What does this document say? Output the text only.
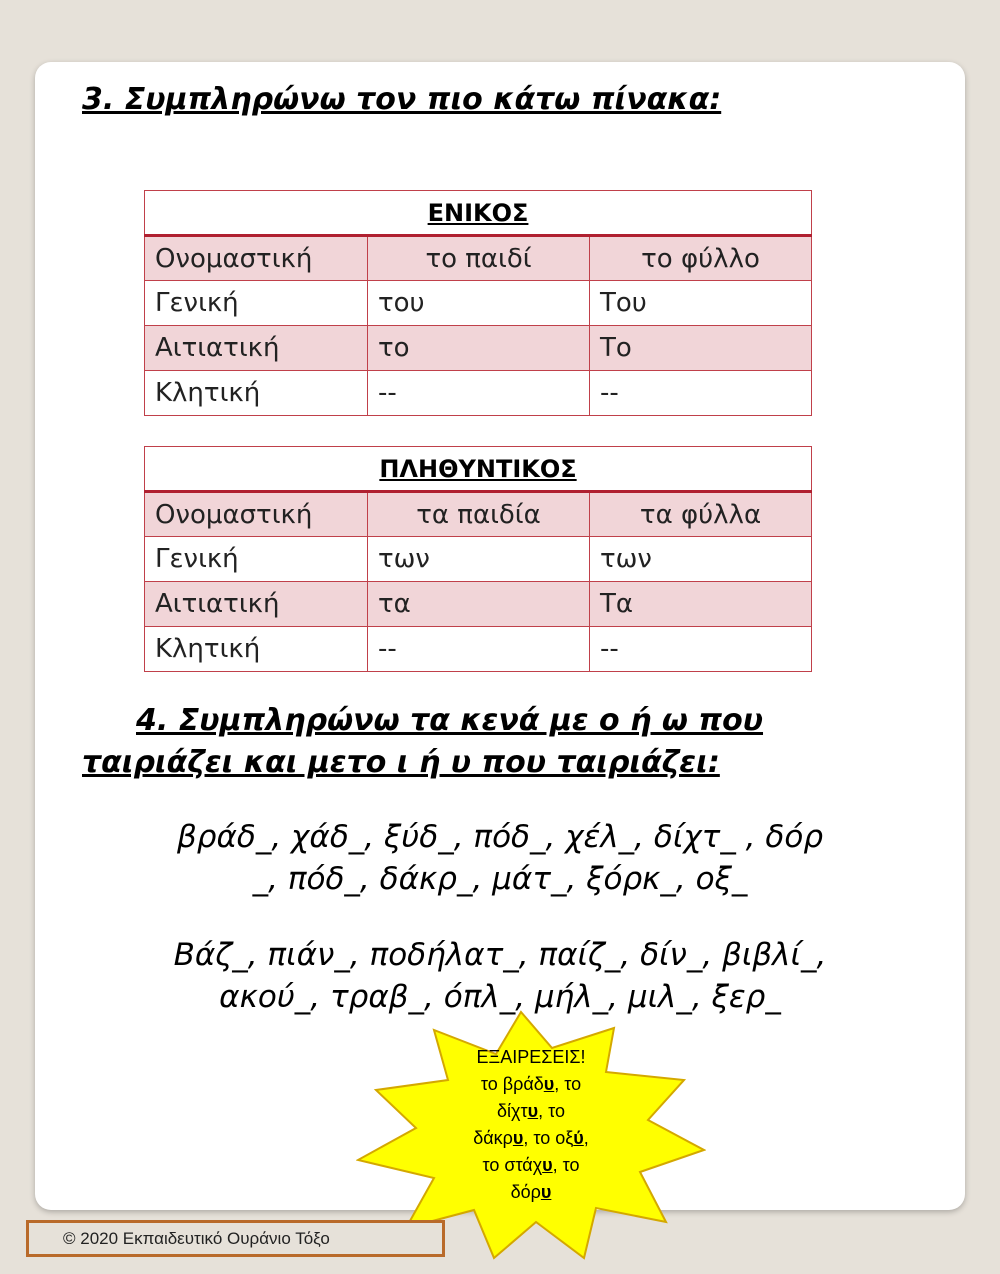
3. Συμπληρώνω τον πιο κάτω πίνακα:
ΕΝΙΚΟΣ		
Ονομαστική	το παιδί	το φύλλο
Γενική	του	Του
Αιτιατική	το	Το
Κλητική	--	--
ΠΛΗΘΥΝΤΙΚΟΣ		
Ονομαστική	τα παιδία	τα φύλλα
Γενική	των	των
Αιτιατική	τα	Τα
Κλητική	--	--
4. Συμπληρώνω τα κενά με ο ή ω που
ταιριάζει και μετο ι ή υ που ταιριάζει:

βράδ_, χάδ_, ξύδ_, πόδ_, χέλ_, δίχτ_ , δόρ
_, πόδ_, δάκρ_, μάτ_, ξόρκ_, οξ_

Βάζ_, πιάν_, ποδήλατ_, παίζ_, δίν_, βιβλί_,
ακού_, τραβ_, όπλ_, μήλ_, μιλ_, ξερ_

ΕΞΑΙΡΕΣΕΙΣ!
το βράδυ, το
δίχτυ, το
δάκρυ, το οξύ,
το στάχυ, το
δόρυ
© 2020 Εκπαιδευτικό Ουράνιο Τόξο
